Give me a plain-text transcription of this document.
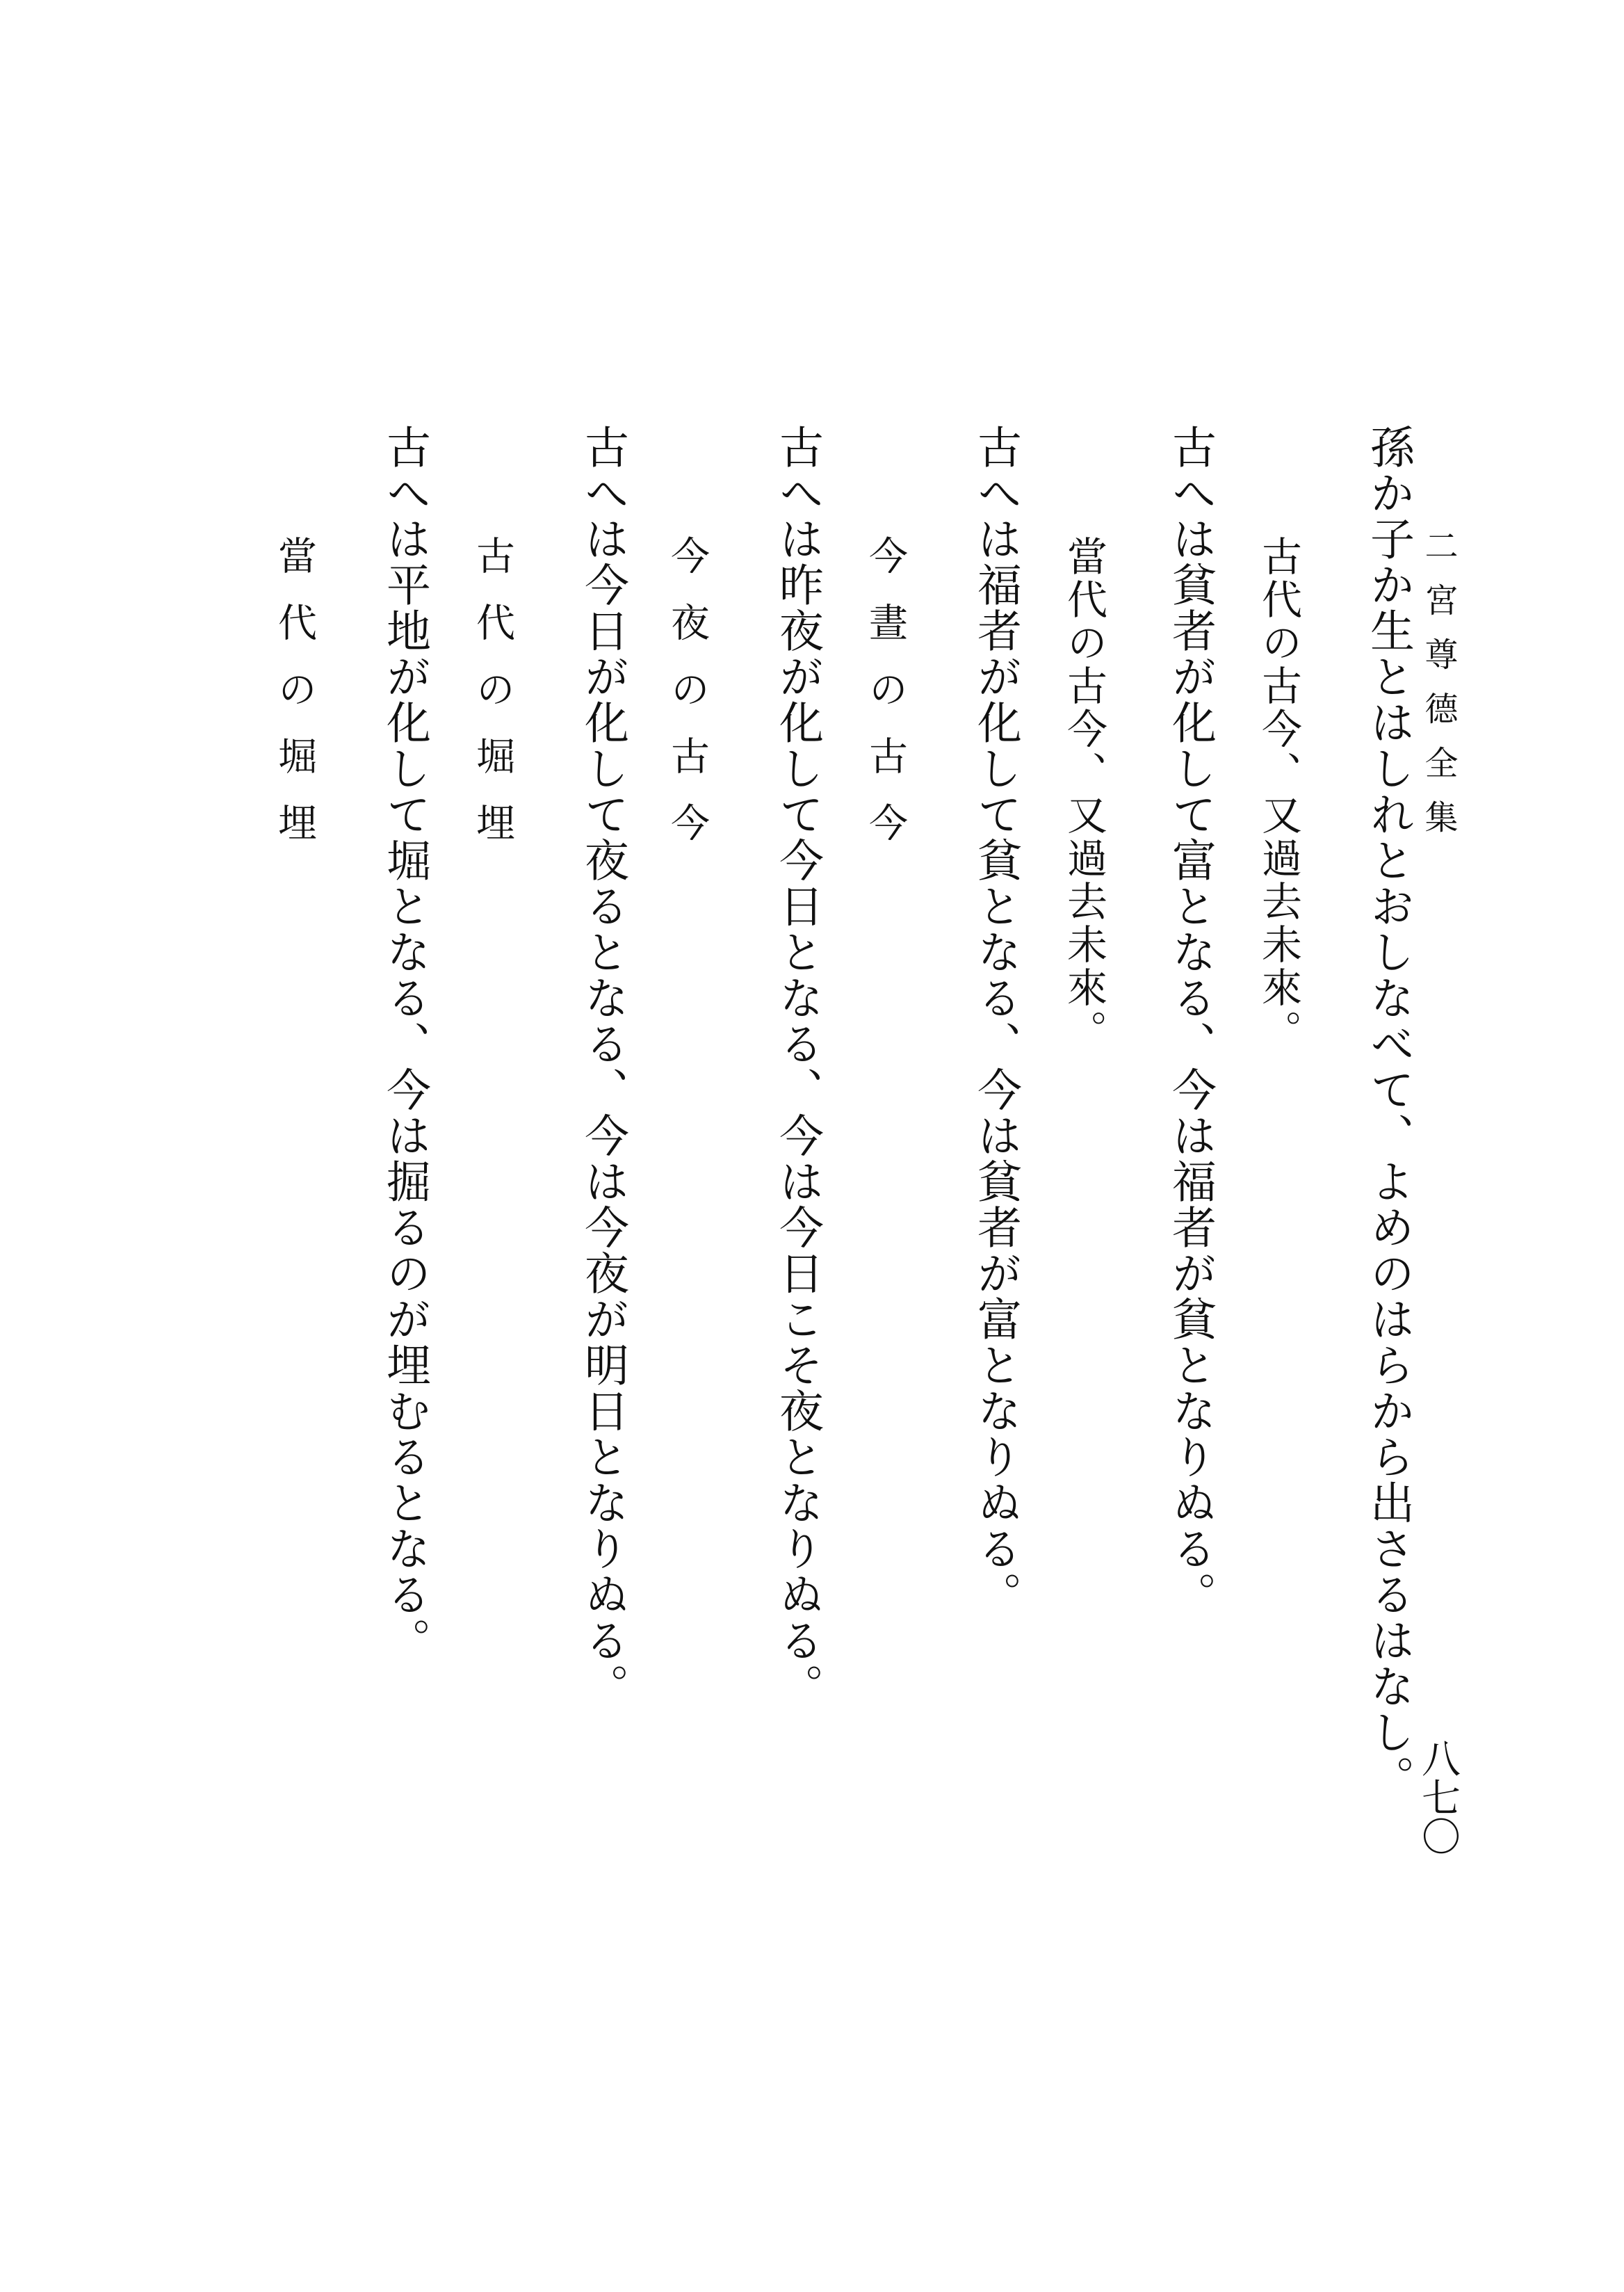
二宮尊德全集
八七〇
孫か子か生とはしれとおしなべて、よめのはらから出さるはなし。
古代の古今、又過去未來。
古へは貧者が化して富となる、今は福者が貧となりぬる。
當代の古今、又過去未來。
古へは福者が化して貧となる、今は貧者が富となりぬる。
今晝の古今
古へは昨夜が化して今日となる、今は今日こそ夜となりぬる。
今夜の古今
古へは今日が化して夜るとなる、今は今夜が明日となりぬる。
古代の堀埋
古へは平地が化して堀となる、今は掘るのが埋むるとなる。
當代の堀埋
